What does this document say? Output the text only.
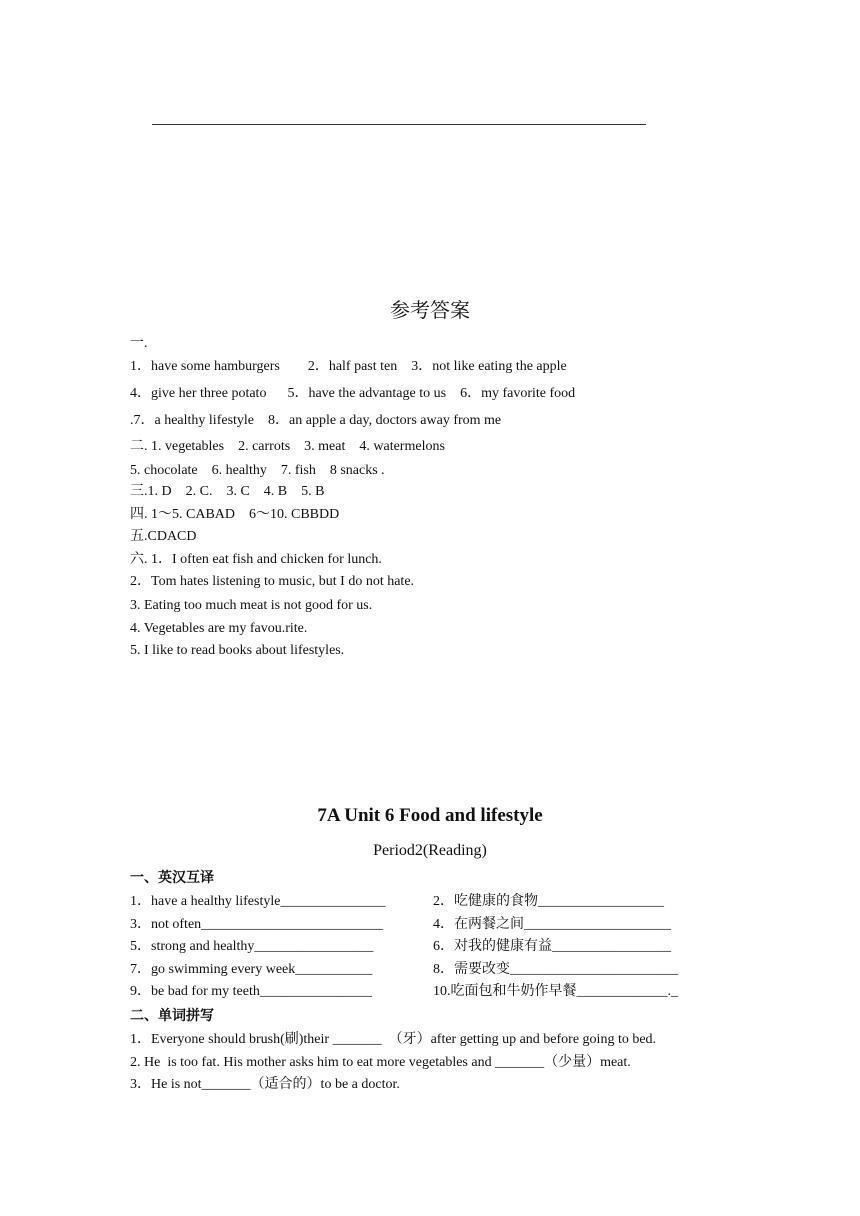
参考答案
一.
1．have some hamburgers        2．half past ten    3．not like eating the apple
4．give her three potato      5．have the advantage to us    6．my favorite food
.7．a healthy lifestyle    8．an apple a day, doctors away from me
二. 1. vegetables    2. carrots    3. meat    4. watermelons
5. chocolate    6. healthy    7. fish    8 snacks .
三.1. D    2. C.    3. C    4. B    5. B
四. 1～5. CABAD    6～10. CBBDD
五.CDACD
六. 1．I often eat fish and chicken for lunch.
2．Tom hates listening to music, but I do not hate.
3. Eating too much meat is not good for us.
4. Vegetables are my favou.rite.
5. I like to read books about lifestyles.
7A Unit 6 Food and lifestyle
Period2(Reading)
一、英汉互译
1．have a healthy lifestyle_______________	2．吃健康的食物__________________
3．not often__________________________	4．在两餐之间_____________________
5．strong and healthy_________________	6．对我的健康有益_________________
7．go swimming every week___________	8．需要改变________________________
9．be bad for my teeth________________	10.吃面包和牛奶作早餐_____________._
二、单词拼写
1．Everyone should brush(刷)their _______  （牙）after getting up and before going to bed.
2. He  is too fat. His mother asks him to eat more vegetables and _______（少量）meat.
3．He is not_______（适合的）to be a doctor.
